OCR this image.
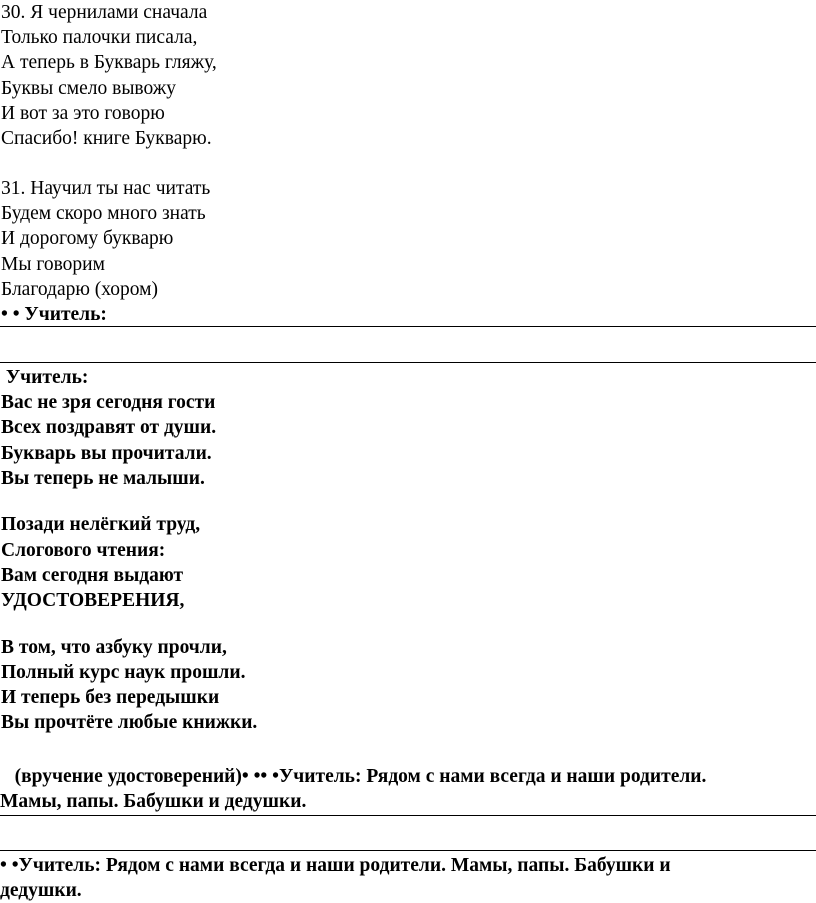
30. Я чернилами сначала
Только палочки писала,
А теперь в Букварь гляжу,
Буквы смело вывожу
И вот за это говорю
Спасибо! книге Букварю.
31. Научил ты нас читать
Будем скоро много знать
И дорогому букварю
Мы говорим
Благодарю (хором)
• • Учитель:
Учитель:
Вас не зря сегодня гости
Всех поздравят от души.
Букварь вы прочитали.
Вы теперь не малыши.
Позади нелёгкий труд,
Слогового чтения:
Вам сегодня выдают
УДОСТОВЕРЕНИЯ,
В том, что азбуку прочли,
Полный курс наук прошли.
И теперь без передышки
Вы прочтёте любые книжки.
(вручение удостоверений)• •• •Учитель: Рядом с нами всегда и наши родители.
Мамы, папы. Бабушки и дедушки.
• •Учитель: Рядом с нами всегда и наши родители. Мамы, папы. Бабушки и
дедушки.
